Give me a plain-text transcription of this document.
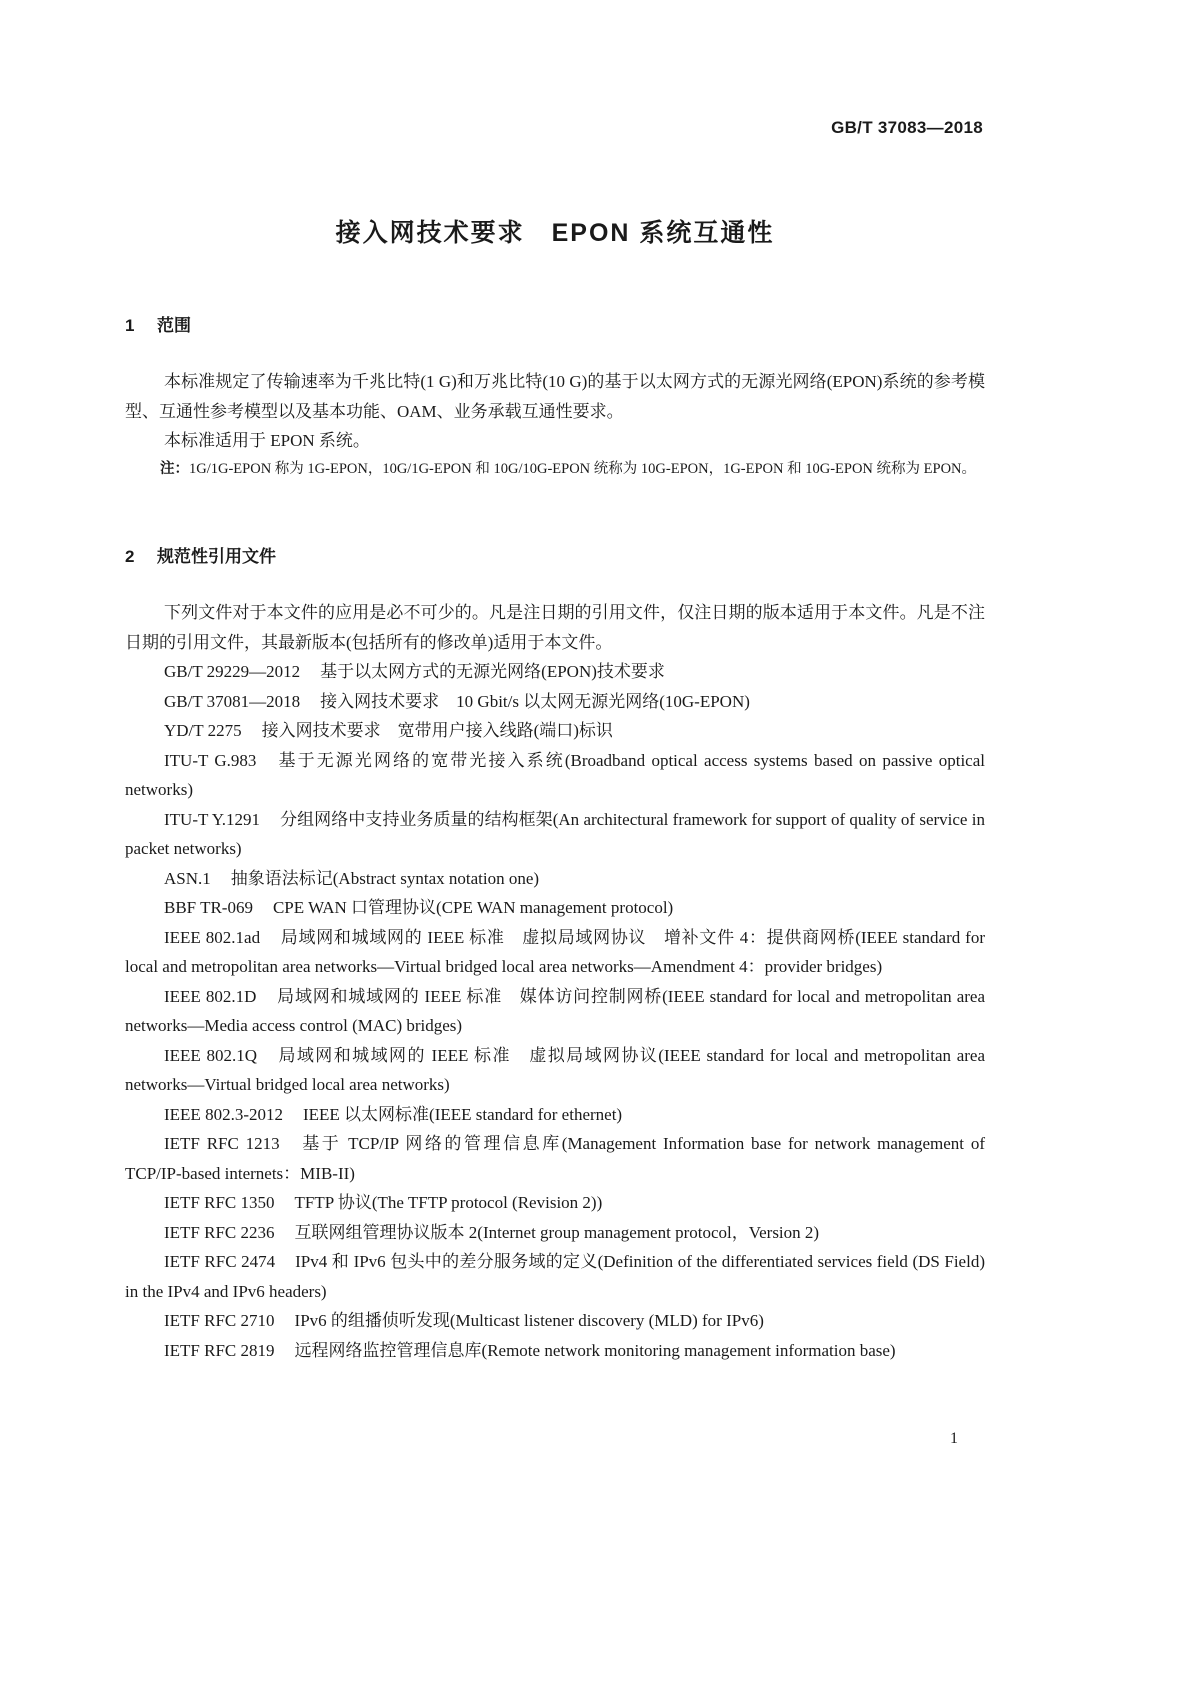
GB/T 37083—2018
接入网技术要求　EPON 系统互通性
1 范围

本标准规定了传输速率为千兆比特(1 G)和万兆比特(10 G)的基于以太网方式的无源光网络(EPON)系统的参考模型、互通性参考模型以及基本功能、OAM、业务承载互通性要求。

本标准适用于 EPON 系统。

注：1G/1G-EPON 称为 1G-EPON，10G/1G-EPON 和 10G/10G-EPON 统称为 10G-EPON，1G-EPON 和 10G-EPON 统称为 EPON。
2 规范性引用文件

下列文件对于本文件的应用是必不可少的。凡是注日期的引用文件，仅注日期的版本适用于本文件。凡是不注日期的引用文件，其最新版本(包括所有的修改单)适用于本文件。

GB/T 29229—2012 基于以太网方式的无源光网络(EPON)技术要求

GB/T 37081—2018 接入网技术要求　10 Gbit/s 以太网无源光网络(10G-EPON)

YD/T 2275 接入网技术要求　宽带用户接入线路(端口)标识

ITU-T G.983 基于无源光网络的宽带光接入系统(Broadband optical access systems based on passive optical networks)

ITU-T Y.1291 分组网络中支持业务质量的结构框架(An architectural framework for support of quality of service in packet networks)

ASN.1 抽象语法标记(Abstract syntax notation one)

BBF TR-069 CPE WAN 口管理协议(CPE WAN management protocol)

IEEE 802.1ad 局域网和城域网的 IEEE 标准　虚拟局域网协议　增补文件 4：提供商网桥(IEEE standard for local and metropolitan area networks—Virtual bridged local area networks—Amendment 4：provider bridges)

IEEE 802.1D 局域网和城域网的 IEEE 标准　媒体访问控制网桥(IEEE standard for local and metropolitan area networks—Media access control (MAC) bridges)

IEEE 802.1Q 局域网和城域网的 IEEE 标准　虚拟局域网协议(IEEE standard for local and metropolitan area networks—Virtual bridged local area networks)

IEEE 802.3-2012 IEEE 以太网标准(IEEE standard for ethernet)

IETF RFC 1213 基于 TCP/IP 网络的管理信息库(Management Information base for network management of TCP/IP-based internets：MIB-II)

IETF RFC 1350 TFTP 协议(The TFTP protocol (Revision 2))

IETF RFC 2236 互联网组管理协议版本 2(Internet group management protocol，Version 2)

IETF RFC 2474 IPv4 和 IPv6 包头中的差分服务域的定义(Definition of the differentiated services field (DS Field) in the IPv4 and IPv6 headers)

IETF RFC 2710 IPv6 的组播侦听发现(Multicast listener discovery (MLD) for IPv6)

IETF RFC 2819 远程网络监控管理信息库(Remote network monitoring management information base)

1
